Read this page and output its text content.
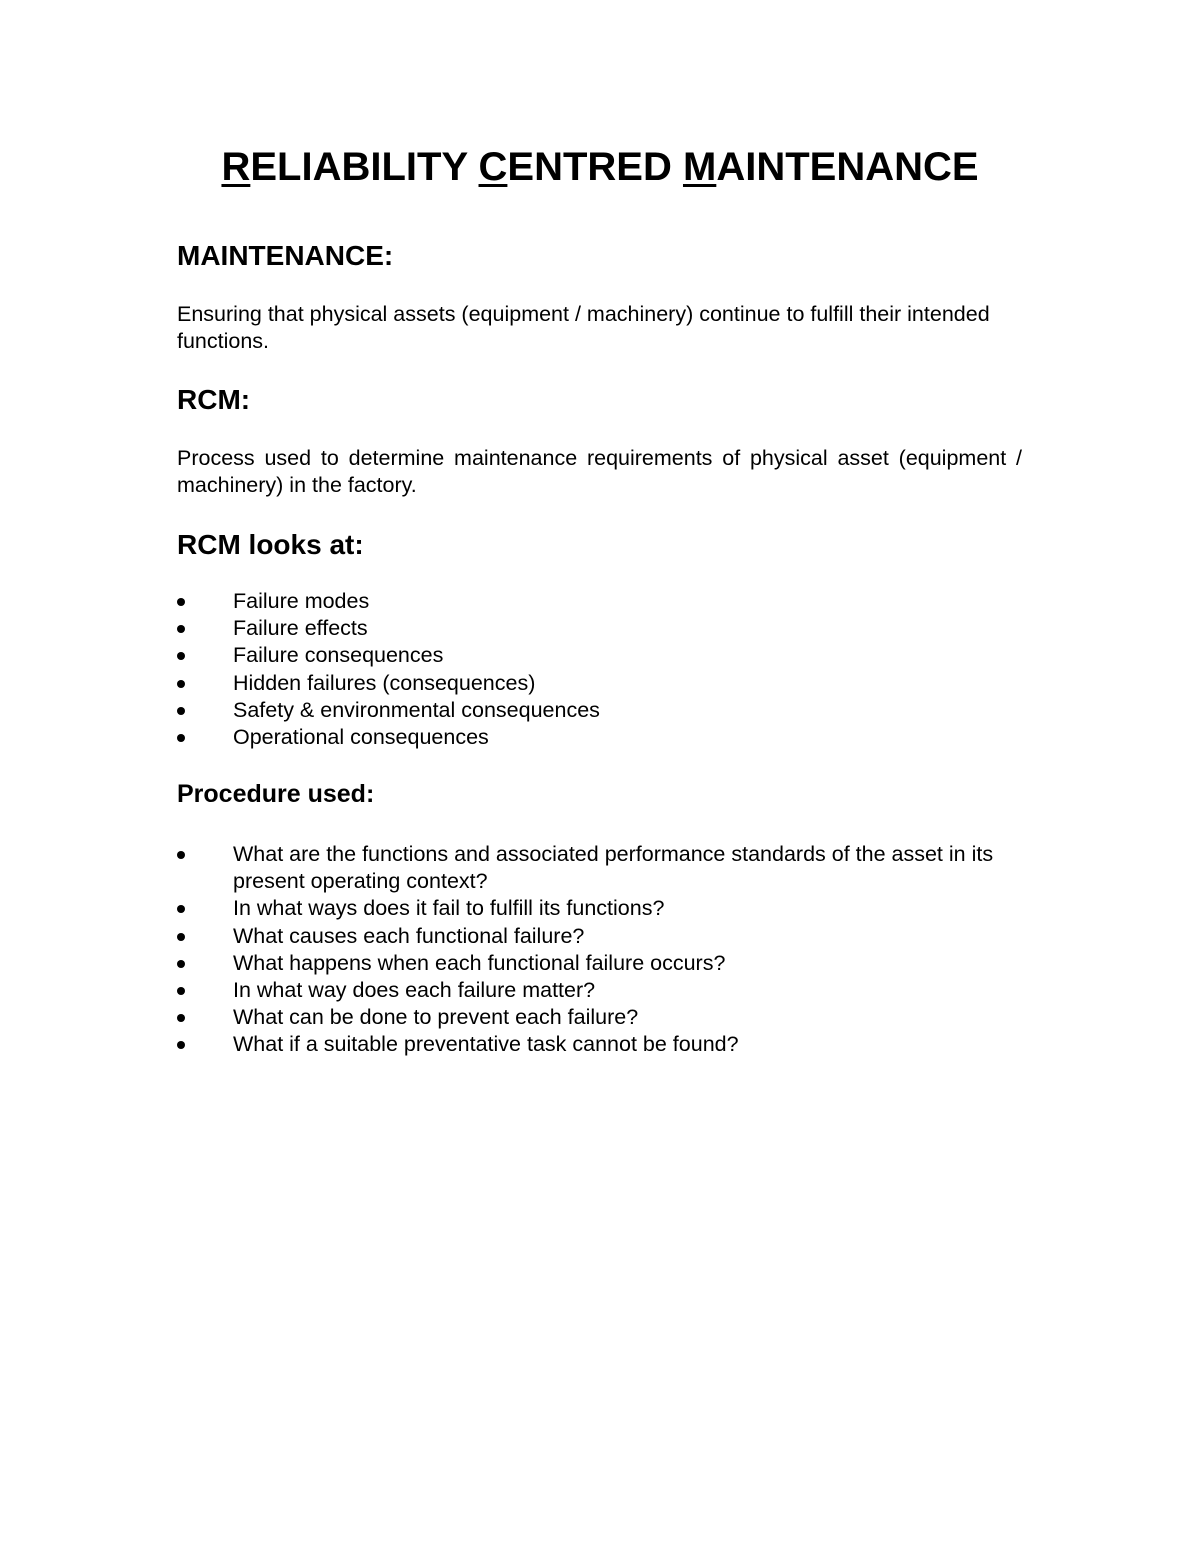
RELIABILITY CENTRED MAINTENANCE
MAINTENANCE:
Ensuring that physical assets (equipment / machinery) continue to fulfill their intended functions.
RCM:
Process used to determine maintenance requirements of physical asset (equipment / machinery) in the factory.
RCM looks at:
Failure modes
Failure effects
Failure consequences
Hidden failures (consequences)
Safety & environmental consequences
Operational consequences
Procedure used:
What are the functions and associated performance standards of the asset in its present operating context?
In what ways does it fail to fulfill its functions?
What causes each functional failure?
What happens when each functional failure occurs?
In what way does each failure matter?
What can be done to prevent each failure?
What if a suitable preventative task cannot be found?
